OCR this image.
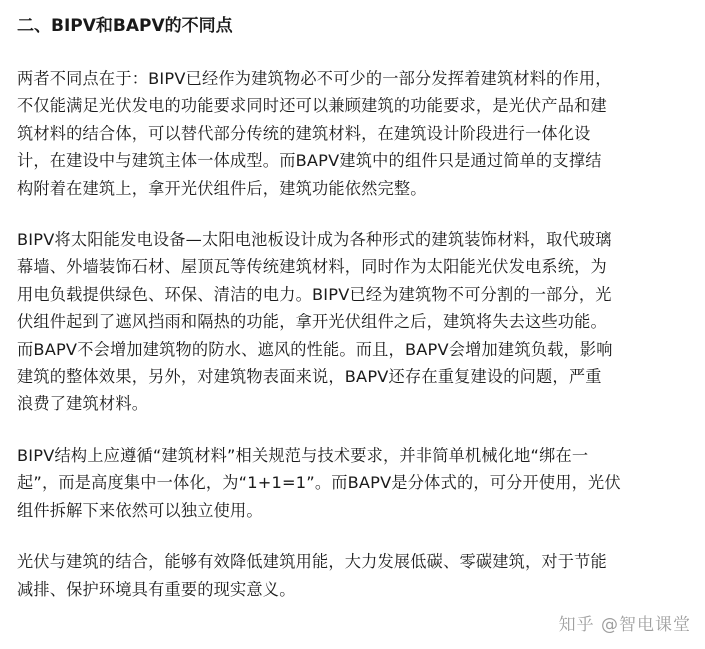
二、BIPV和BAPV的不同点

两者不同点在于：BIPV已经作为建筑物必不可少的一部分发挥着建筑材料的作用，
不仅能满足光伏发电的功能要求同时还可以兼顾建筑的功能要求，是光伏产品和建
筑材料的结合体，可以替代部分传统的建筑材料，在建筑设计阶段进行一体化设
计，在建设中与建筑主体一体成型。而BAPV建筑中的组件只是通过简单的支撑结
构附着在建筑上，拿开光伏组件后，建筑功能依然完整。

BIPV将太阳能发电设备—太阳电池板设计成为各种形式的建筑装饰材料，取代玻璃
幕墙、外墙装饰石材、屋顶瓦等传统建筑材料，同时作为太阳能光伏发电系统，为
用电负载提供绿色、环保、清洁的电力。BIPV已经为建筑物不可分割的一部分，光
伏组件起到了遮风挡雨和隔热的功能，拿开光伏组件之后，建筑将失去这些功能。
而BAPV不会增加建筑物的防水、遮风的性能。而且，BAPV会增加建筑负载，影响
建筑的整体效果，另外，对建筑物表面来说，BAPV还存在重复建设的问题，严重
浪费了建筑材料。

BIPV结构上应遵循“建筑材料”相关规范与技术要求，并非简单机械化地“绑在一
起”，而是高度集中一体化，为“1+1=1”。而BAPV是分体式的，可分开使用，光伏
组件拆解下来依然可以独立使用。

光伏与建筑的结合，能够有效降低建筑用能，大力发展低碳、零碳建筑，对于节能
减排、保护环境具有重要的现实意义。

知乎 @智电课堂
